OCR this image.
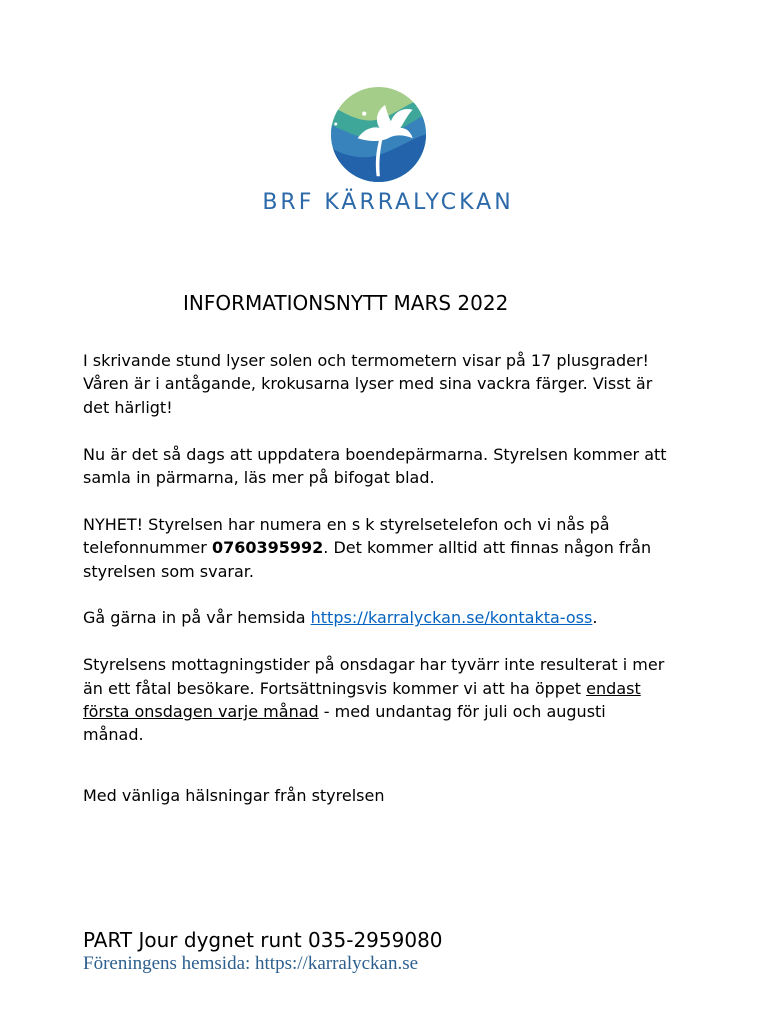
BRF KÄRRALYCKAN
INFORMATIONSNYTT MARS 2022

I skrivande stund lyser solen och termometern visar på 17 plusgrader!
Våren är i antågande, krokusarna lyser med sina vackra färger. Visst är
det härligt!

Nu är det så dags att uppdatera boendepärmarna. Styrelsen kommer att
samla in pärmarna, läs mer på bifogat blad.

NYHET! Styrelsen har numera en s k styrelsetelefon och vi nås på
telefonnummer 0760395992. Det kommer alltid att finnas någon från
styrelsen som svarar.

Gå gärna in på vår hemsida https://karralyckan.se/kontakta-oss.

Styrelsens mottagningstider på onsdagar har tyvärr inte resulterat i mer
än ett fåtal besökare. Fortsättningsvis kommer vi att ha öppet endast
första onsdagen varje månad - med undantag för juli och augusti
månad.

Med vänliga hälsningar från styrelsen

PART Jour dygnet runt 035-2959080
Föreningens hemsida: https://karralyckan.se
